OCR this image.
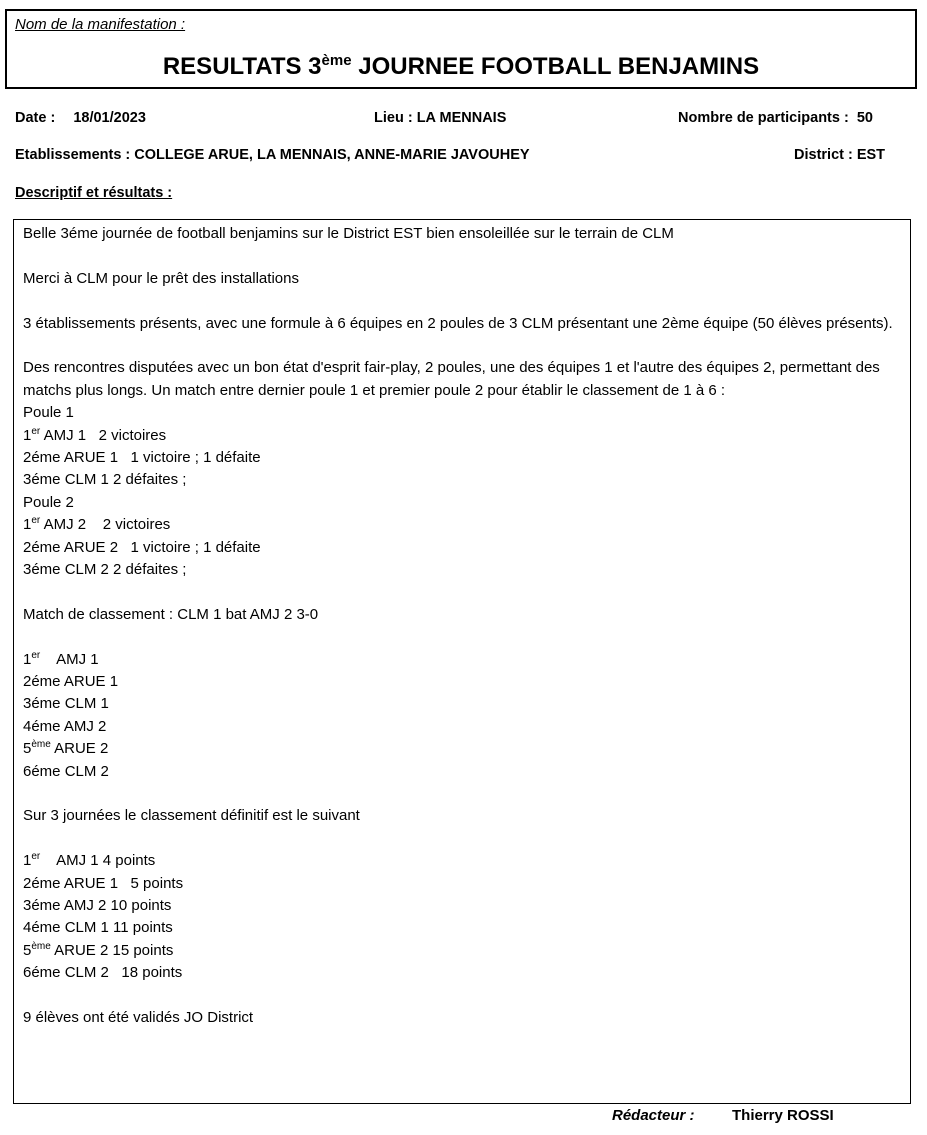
Nom de la manifestation :
RESULTATS 3ème JOURNEE FOOTBALL BENJAMINS
Date : 18/01/2023	Lieu : LA MENNAIS	Nombre de participants : 50
Etablissements : COLLEGE ARUE, LA MENNAIS, ANNE-MARIE JAVOUHEY	District : EST
Descriptif et résultats :

Belle 3éme journée de football benjamins sur le District EST bien ensoleillée sur le terrain de CLM

Merci à CLM pour le prêt des installations

3 établissements présents, avec une formule à 6 équipes en 2 poules de 3 CLM présentant une 2ème équipe (50 élèves présents).

Des rencontres disputées avec un bon état d'esprit fair-play, 2 poules, une des équipes 1 et l'autre des équipes 2, permettant des matchs plus longs. Un match entre dernier poule 1 et premier poule 2 pour établir le classement de 1 à 6 :

Poule 1

1er AMJ 1   2 victoires

2éme ARUE 1   1 victoire ; 1 défaite

3éme CLM 1 2 défaites ;

Poule 2

1er AMJ 2    2 victoires

2éme ARUE 2   1 victoire ; 1 défaite

3éme CLM 2 2 défaites ;

Match de classement : CLM 1 bat AMJ 2 3-0

1er    AMJ 1

2éme ARUE 1

3éme CLM 1

4éme AMJ 2

5ème ARUE 2

6éme CLM 2

Sur 3 journées le classement définitif est le suivant

1er    AMJ 1 4 points

2éme ARUE 1   5 points

3éme AMJ 2 10 points

4éme CLM 1 11 points

5ème ARUE 2 15 points

6éme CLM 2   18 points

9 élèves ont été validés JO District

Rédacteur : Thierry ROSSI
